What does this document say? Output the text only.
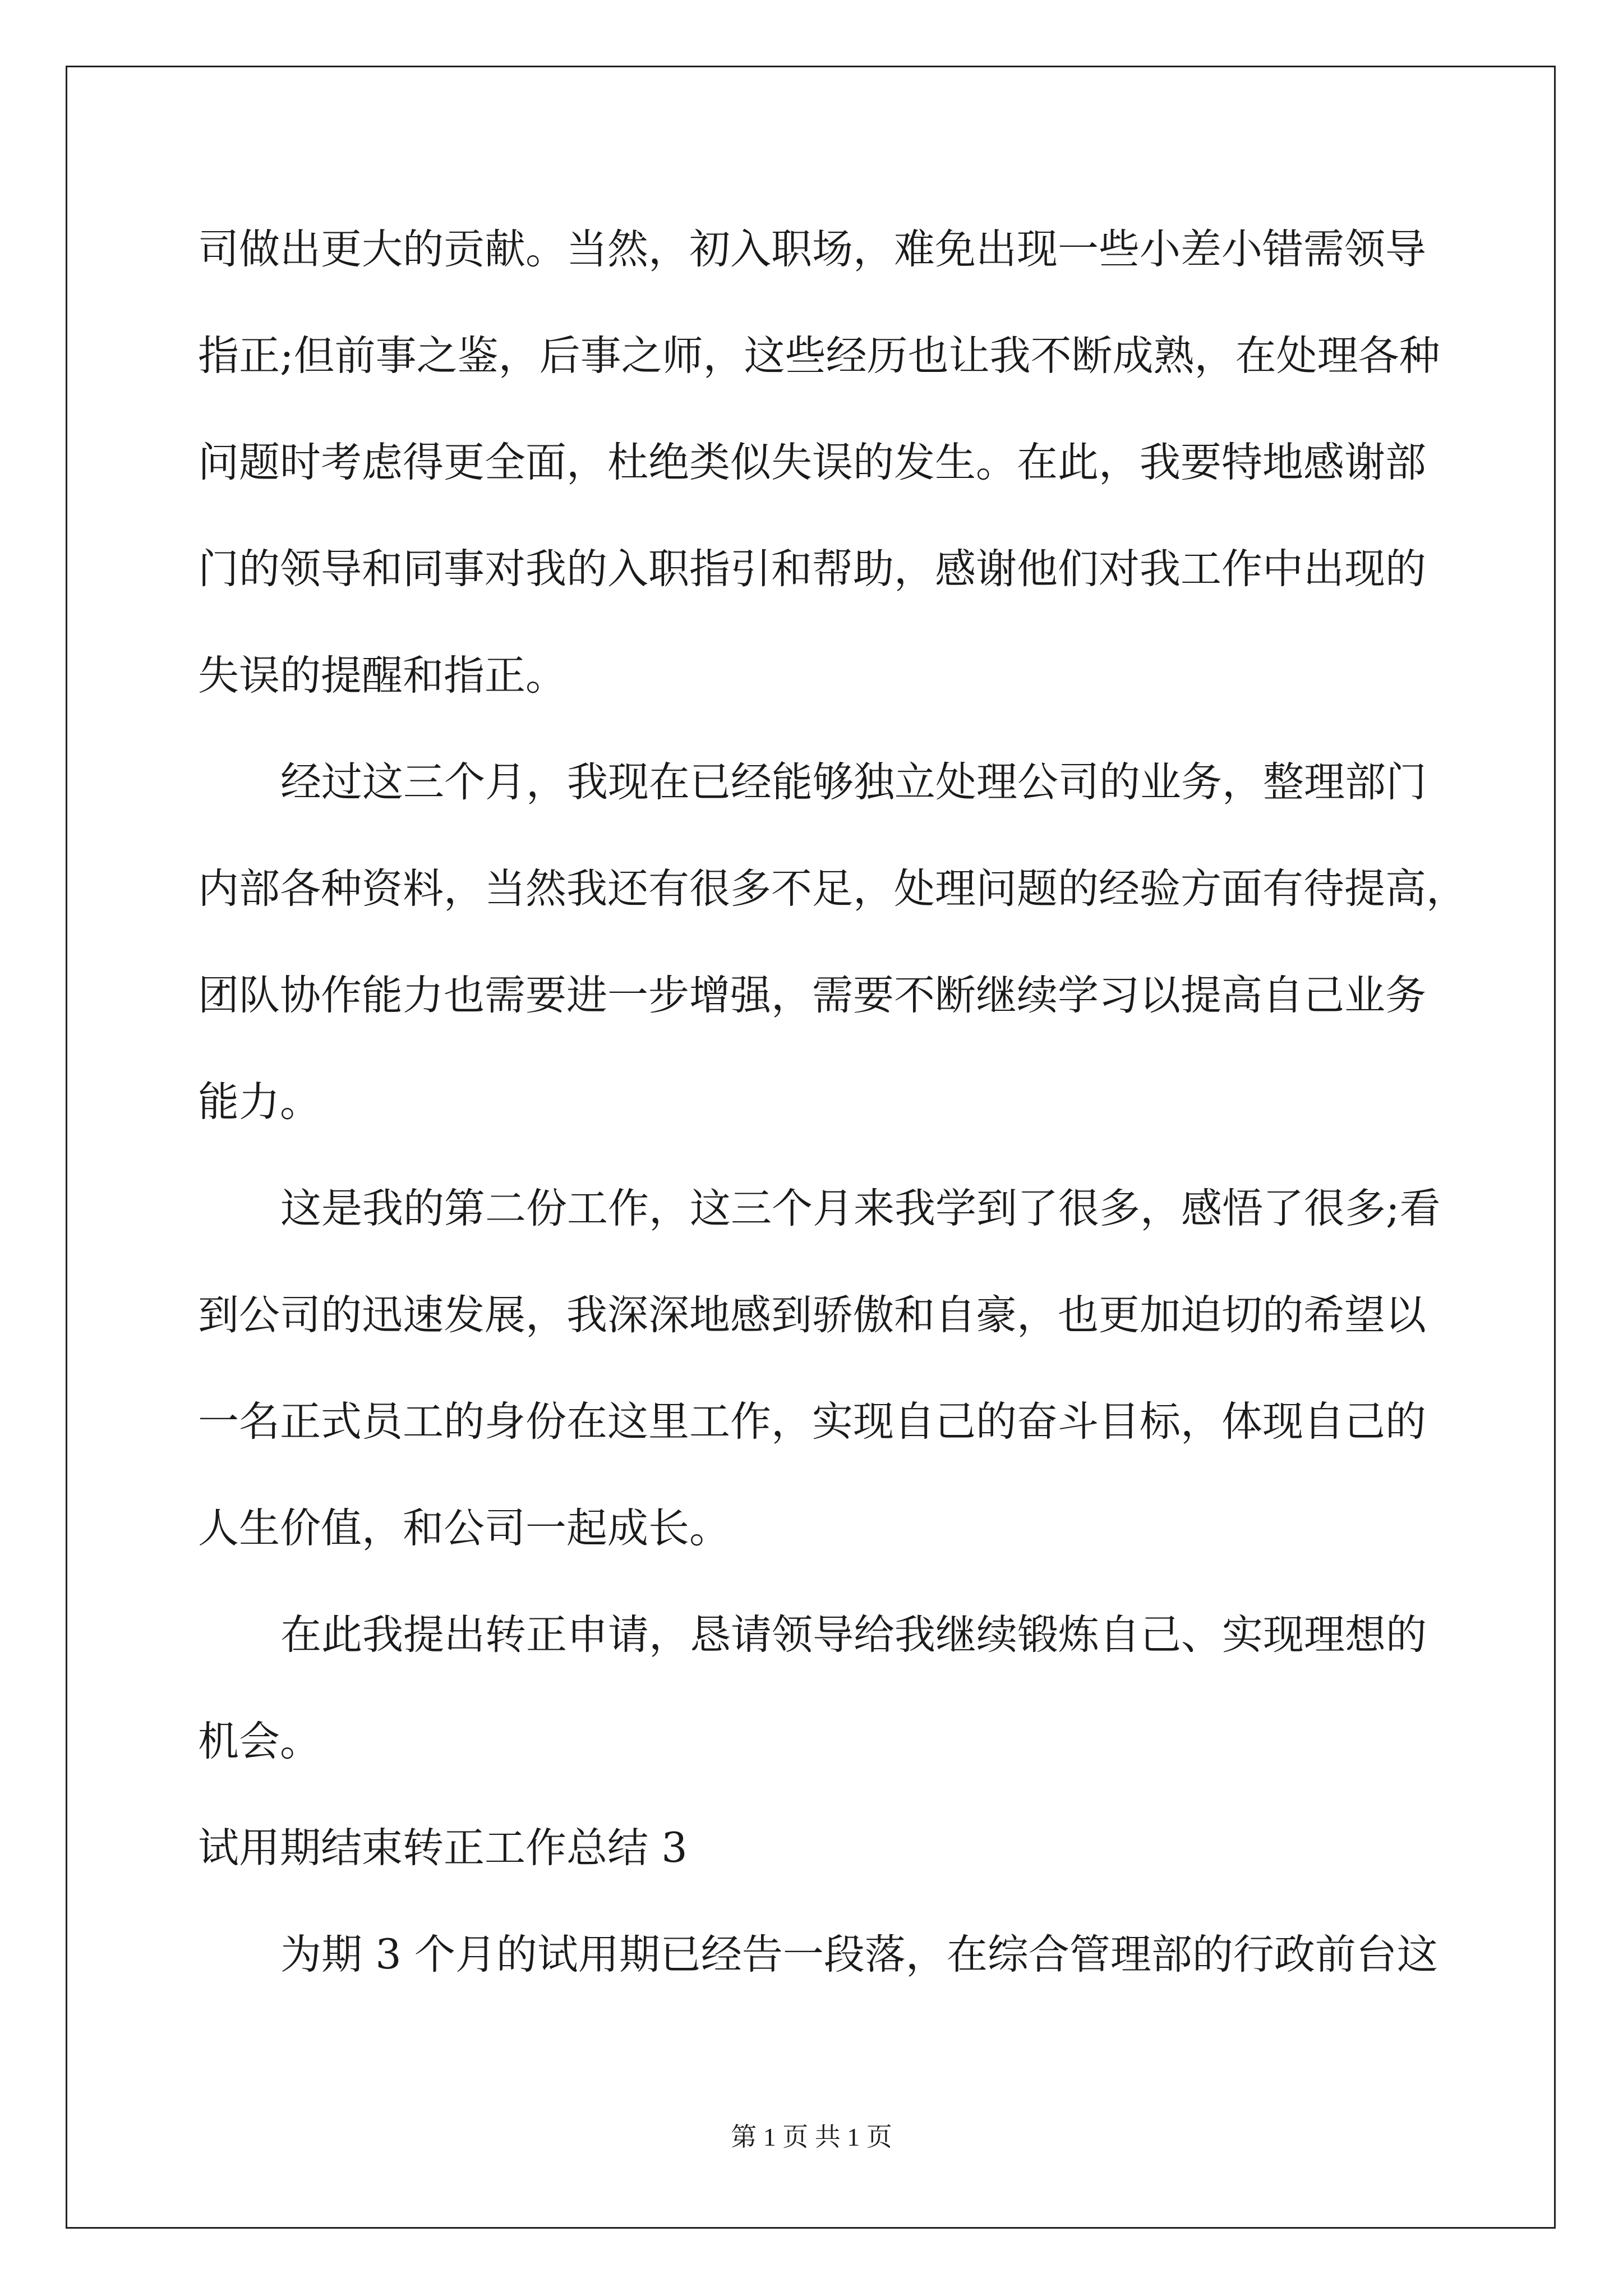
司做出更大的贡献。当然，初入职场，难免出现一些小差小错需领导
指正;但前事之鉴，后事之师，这些经历也让我不断成熟，在处理各种
问题时考虑得更全面，杜绝类似失误的发生。在此，我要特地感谢部
门的领导和同事对我的入职指引和帮助，感谢他们对我工作中出现的
失误的提醒和指正。
经过这三个月，我现在已经能够独立处理公司的业务，整理部门
内部各种资料，当然我还有很多不足，处理问题的经验方面有待提高，
团队协作能力也需要进一步增强，需要不断继续学习以提高自己业务
能力。
这是我的第二份工作，这三个月来我学到了很多，感悟了很多;看
到公司的迅速发展，我深深地感到骄傲和自豪，也更加迫切的希望以
一名正式员工的身份在这里工作，实现自己的奋斗目标，体现自己的
人生价值，和公司一起成长。
在此我提出转正申请，恳请领导给我继续锻炼自己、实现理想的
机会。
试用期结束转正工作总结 3
为期 3 个月的试用期已经告一段落，在综合管理部的行政前台这
第 1 页 共 1 页
